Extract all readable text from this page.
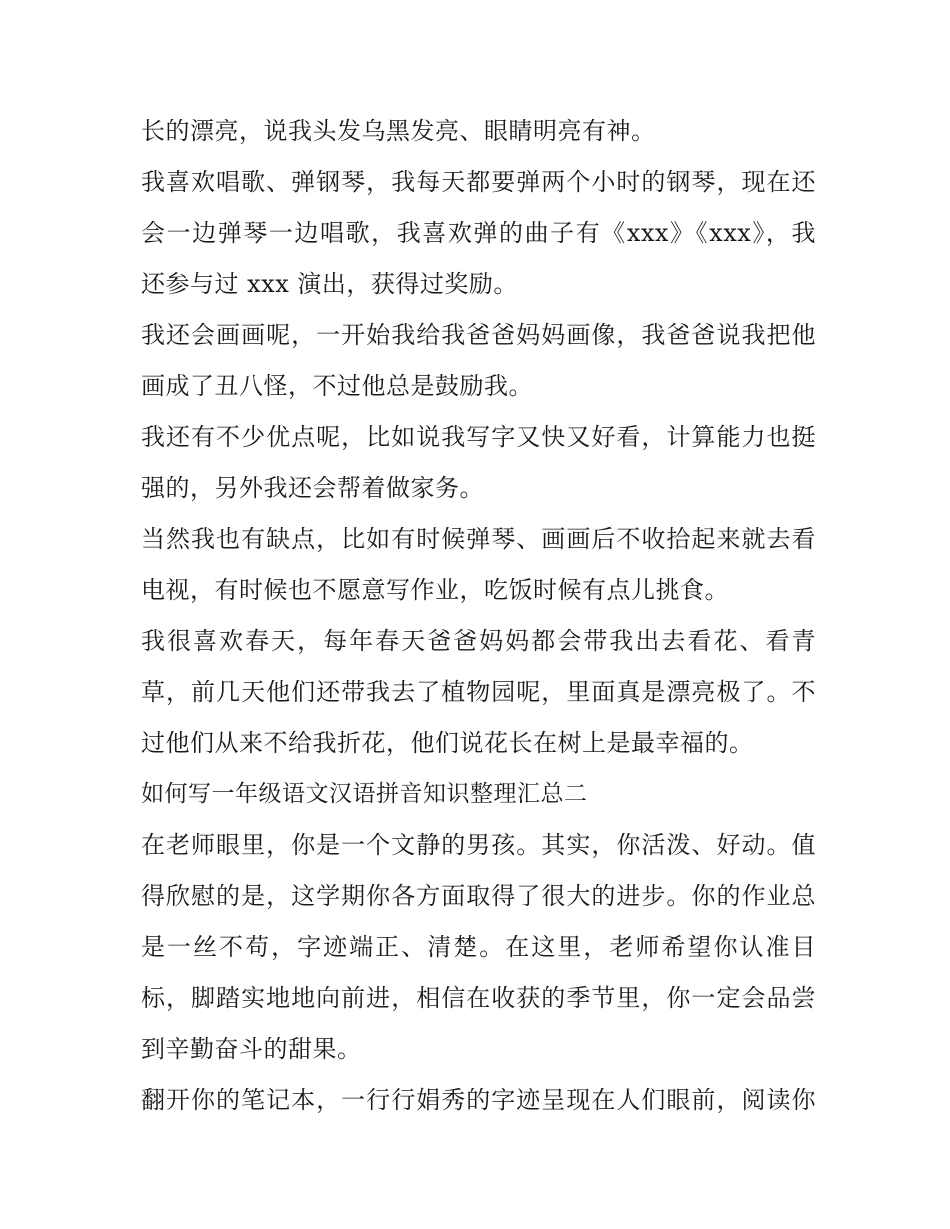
长的漂亮，说我头发乌黑发亮、眼睛明亮有神。
我喜欢唱歌、弹钢琴，我每天都要弹两个小时的钢琴，现在还
会一边弹琴一边唱歌，我喜欢弹的曲子有《xxx》《xxx》，我
还参与过 xxx 演出，获得过奖励。
我还会画画呢，一开始我给我爸爸妈妈画像，我爸爸说我把他
画成了丑八怪，不过他总是鼓励我。
我还有不少优点呢，比如说我写字又快又好看，计算能力也挺
强的，另外我还会帮着做家务。
当然我也有缺点，比如有时候弹琴、画画后不收拾起来就去看
电视，有时候也不愿意写作业，吃饭时候有点儿挑食。
我很喜欢春天，每年春天爸爸妈妈都会带我出去看花、看青
草，前几天他们还带我去了植物园呢，里面真是漂亮极了。不
过他们从来不给我折花，他们说花长在树上是最幸福的。
如何写一年级语文汉语拼音知识整理汇总二
在老师眼里，你是一个文静的男孩。其实，你活泼、好动。值
得欣慰的是，这学期你各方面取得了很大的进步。你的作业总
是一丝不苟，字迹端正、清楚。在这里，老师希望你认准目
标，脚踏实地地向前进，相信在收获的季节里，你一定会品尝
到辛勤奋斗的甜果。
翻开你的笔记本，一行行娟秀的字迹呈现在人们眼前，阅读你
